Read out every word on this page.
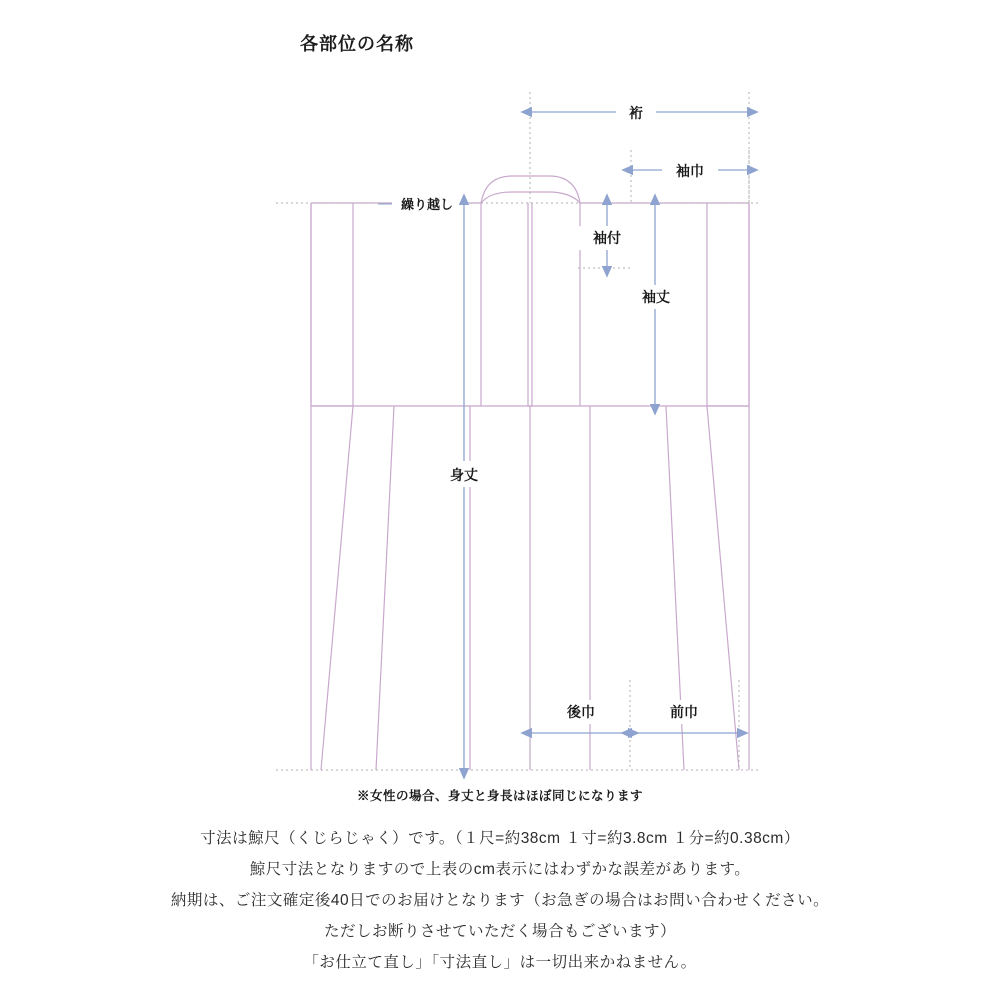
各部位の名称
裄
袖巾
袖付
袖丈
繰り越し
身丈
後巾	前巾
※女性の場合、身丈と身長はほぼ同じになります

寸法は鯨尺（くじらじゃく）です。（１尺=約38cm １寸=約3.8cm １分=約0.38cm）

鯨尺寸法となりますので上表のcm表示にはわずかな誤差があります。

納期は、ご注文確定後40日でのお届けとなります（お急ぎの場合はお問い合わせください。

ただしお断りさせていただく場合もございます）

「お仕立て直し」「寸法直し」は一切出来かねません。
